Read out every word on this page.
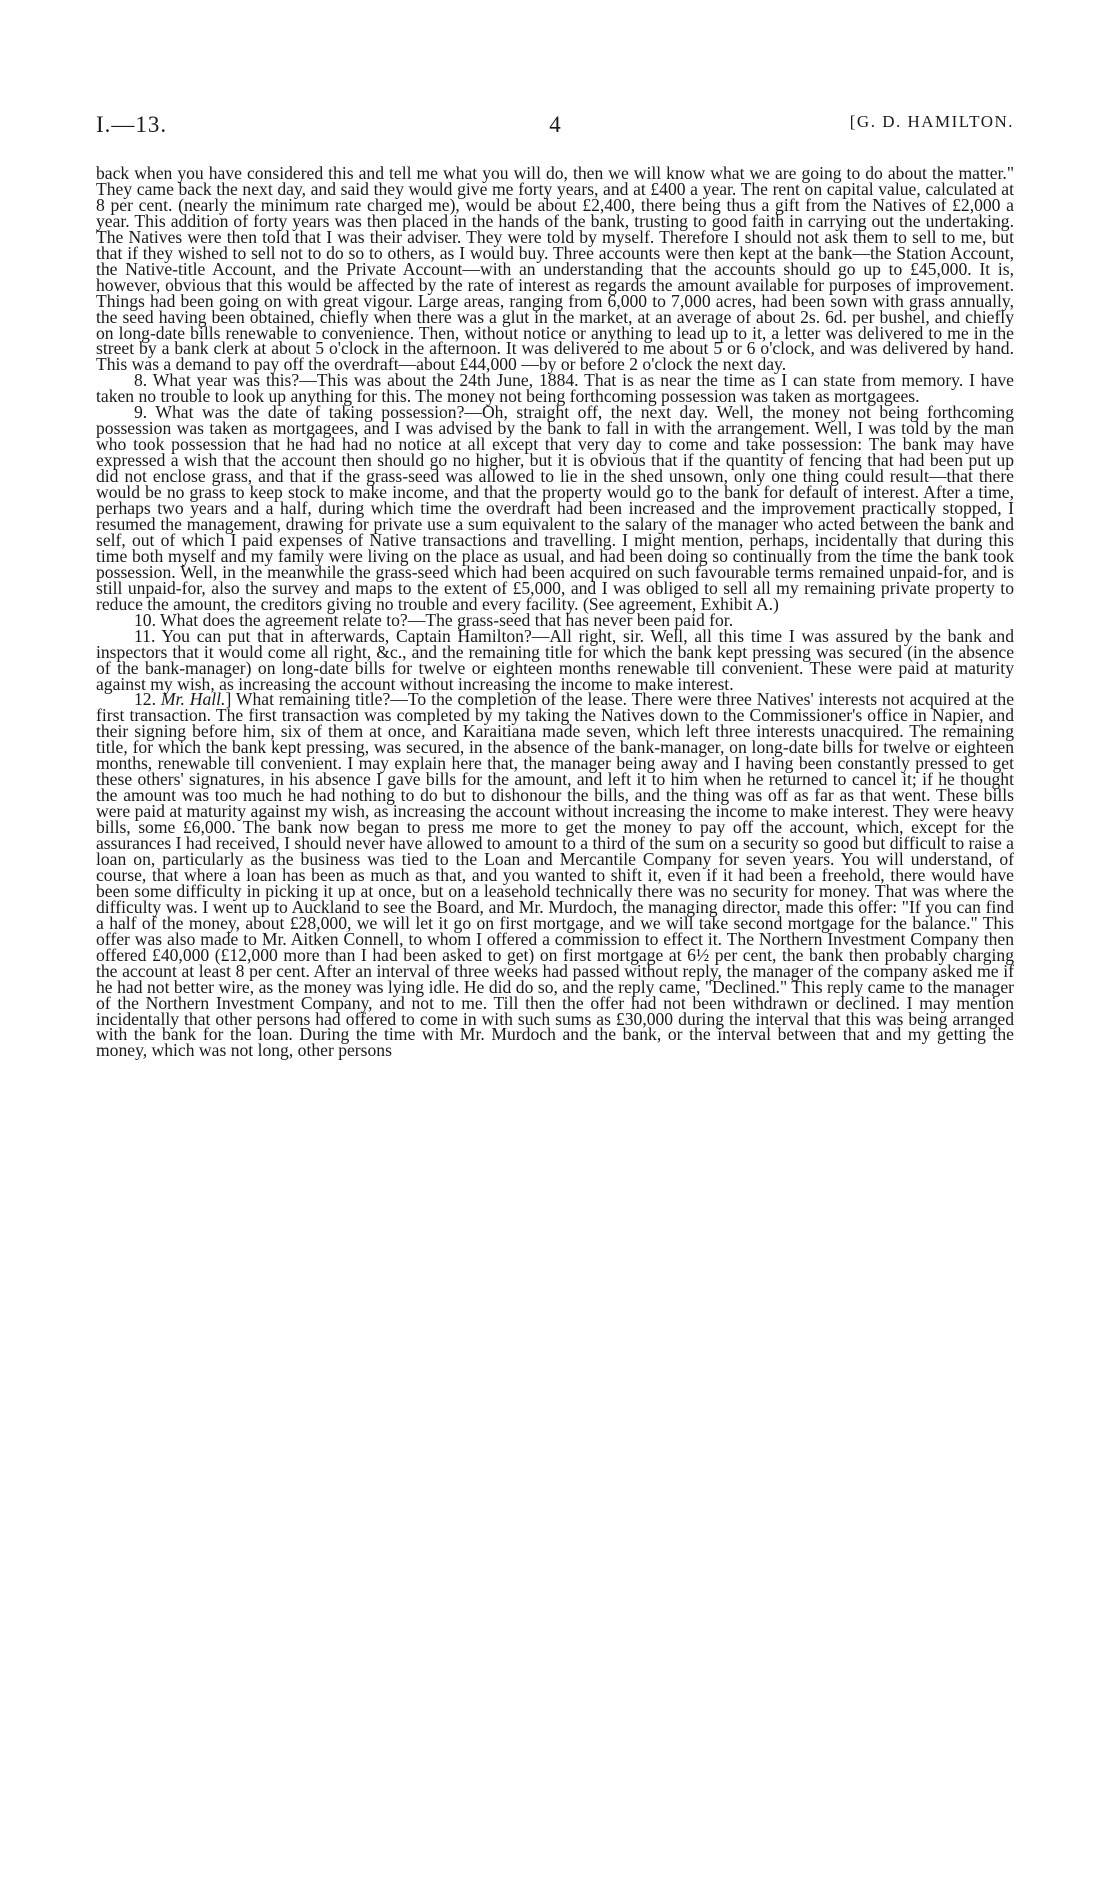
I.—13.	4	[G. D. HAMILTON.

back when you have considered this and tell me what you will do, then we will know what we are going to do about the matter." They came back the next day, and said they would give me forty years, and at £400 a year. The rent on capital value, calculated at 8 per cent. (nearly the minimum rate charged me), would be about £2,400, there being thus a gift from the Natives of £2,000 a year. This addition of forty years was then placed in the hands of the bank, trusting to good faith in carrying out the undertaking. The Natives were then told that I was their adviser. They were told by myself. Therefore I should not ask them to sell to me, but that if they wished to sell not to do so to others, as I would buy. Three accounts were then kept at the bank—the Station Account, the Native-title Account, and the Private Account—with an understanding that the accounts should go up to £45,000. It is, however, obvious that this would be affected by the rate of interest as regards the amount available for purposes of improvement. Things had been going on with great vigour. Large areas, ranging from 6,000 to 7,000 acres, had been sown with grass annually, the seed having been obtained, chiefly when there was a glut in the market, at an average of about 2s. 6d. per bushel, and chiefly on long-date bills renewable to convenience. Then, without notice or anything to lead up to it, a letter was delivered to me in the street by a bank clerk at about 5 o'clock in the afternoon. It was delivered to me about 5 or 6 o'clock, and was delivered by hand. This was a demand to pay off the overdraft—about £44,000 —by or before 2 o'clock the next day.

8. What year was this?—This was about the 24th June, 1884. That is as near the time as I can state from memory. I have taken no trouble to look up anything for this. The money not being forthcoming possession was taken as mortgagees.

9. What was the date of taking possession?—Oh, straight off, the next day. Well, the money not being forthcoming possession was taken as mortgagees, and I was advised by the bank to fall in with the arrangement. Well, I was told by the man who took possession that he had had no notice at all except that very day to come and take possession: The bank may have expressed a wish that the account then should go no higher, but it is obvious that if the quantity of fencing that had been put up did not enclose grass, and that if the grass-seed was allowed to lie in the shed unsown, only one thing could result—that there would be no grass to keep stock to make income, and that the property would go to the bank for default of interest. After a time, perhaps two years and a half, during which time the overdraft had been increased and the improvement practically stopped, I resumed the management, drawing for private use a sum equivalent to the salary of the manager who acted between the bank and self, out of which I paid expenses of Native transactions and travelling. I might mention, perhaps, incidentally that during this time both myself and my family were living on the place as usual, and had been doing so continually from the time the bank took possession. Well, in the meanwhile the grass-seed which had been acquired on such favourable terms remained unpaid-for, and is still unpaid-for, also the survey and maps to the extent of £5,000, and I was obliged to sell all my remaining private property to reduce the amount, the creditors giving no trouble and every facility. (See agreement, Exhibit A.)

10. What does the agreement relate to?—The grass-seed that has never been paid for.

11. You can put that in afterwards, Captain Hamilton?—All right, sir. Well, all this time I was assured by the bank and inspectors that it would come all right, &c., and the remaining title for which the bank kept pressing was secured (in the absence of the bank-manager) on long-date bills for twelve or eighteen months renewable till convenient. These were paid at maturity against my wish, as increasing the account without increasing the income to make interest.

12. Mr. Hall.] What remaining title?—To the completion of the lease. There were three Natives' interests not acquired at the first transaction. The first transaction was completed by my taking the Natives down to the Commissioner's office in Napier, and their signing before him, six of them at once, and Karaitiana made seven, which left three interests unacquired. The remaining title, for which the bank kept pressing, was secured, in the absence of the bank-manager, on long-date bills for twelve or eighteen months, renewable till convenient. I may explain here that, the manager being away and I having been constantly pressed to get these others' signatures, in his absence I gave bills for the amount, and left it to him when he returned to cancel it; if he thought the amount was too much he had nothing to do but to dishonour the bills, and the thing was off as far as that went. These bills were paid at maturity against my wish, as increasing the account without increasing the income to make interest. They were heavy bills, some £6,000. The bank now began to press me more to get the money to pay off the account, which, except for the assurances I had received, I should never have allowed to amount to a third of the sum on a security so good but difficult to raise a loan on, particularly as the business was tied to the Loan and Mercantile Company for seven years. You will understand, of course, that where a loan has been as much as that, and you wanted to shift it, even if it had been a freehold, there would have been some difficulty in picking it up at once, but on a leasehold technically there was no security for money. That was where the difficulty was. I went up to Auckland to see the Board, and Mr. Murdoch, the managing director, made this offer: "If you can find a half of the money, about £28,000, we will let it go on first mortgage, and we will take second mortgage for the balance." This offer was also made to Mr. Aitken Connell, to whom I offered a commission to effect it. The Northern Investment Company then offered £40,000 (£12,000 more than I had been asked to get) on first mortgage at 6½ per cent, the bank then probably charging the account at least 8 per cent. After an interval of three weeks had passed without reply, the manager of the company asked me if he had not better wire, as the money was lying idle. He did do so, and the reply came, "Declined." This reply came to the manager of the Northern Investment Company, and not to me. Till then the offer had not been withdrawn or declined. I may mention incidentally that other persons had offered to come in with such sums as £30,000 during the interval that this was being arranged with the bank for the loan. During the time with Mr. Murdoch and the bank, or the interval between that and my getting the money, which was not long, other persons
